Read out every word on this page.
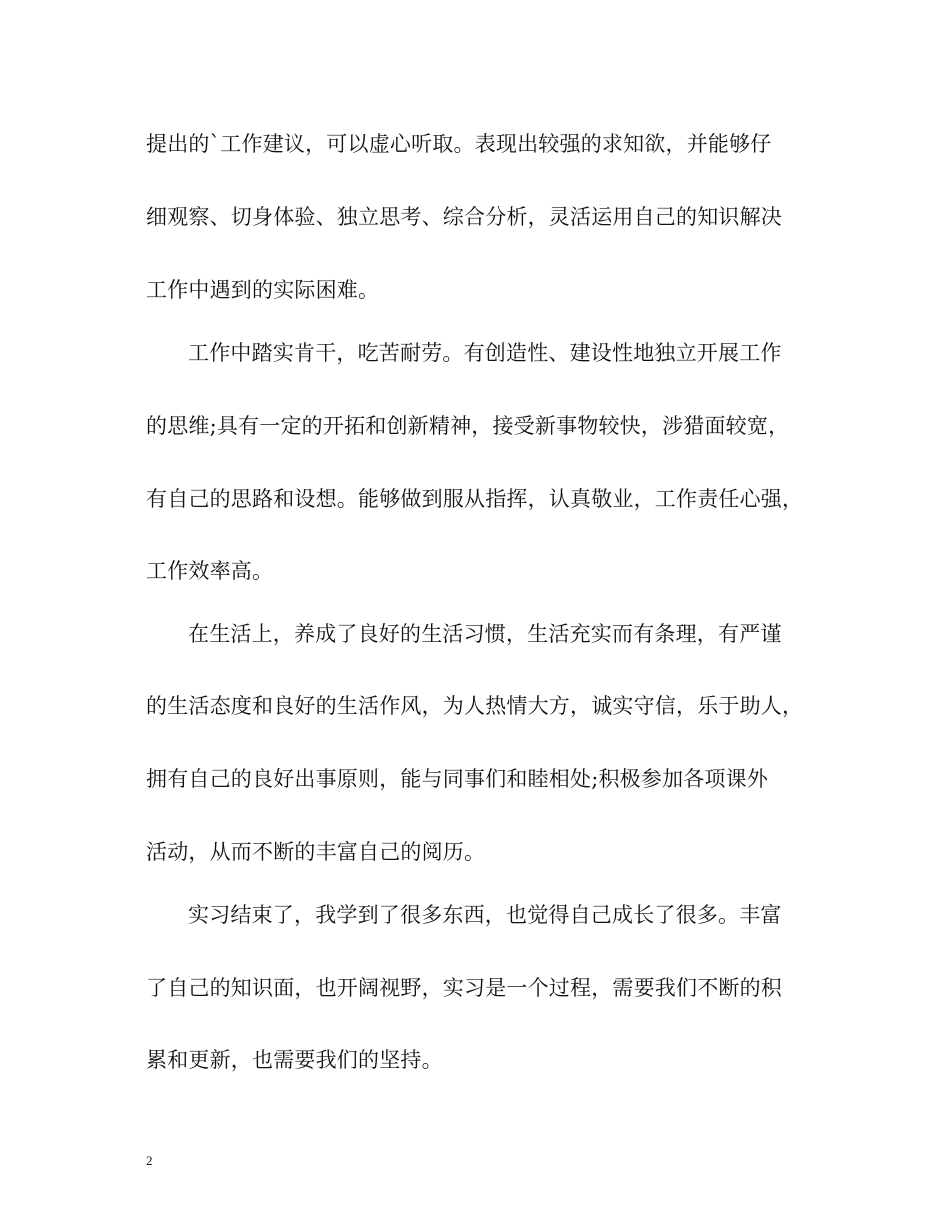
提出的`工作建议，可以虚心听取。表现出较强的求知欲，并能够仔
细观察、切身体验、独立思考、综合分析，灵活运用自己的知识解决
工作中遇到的实际困难。
工作中踏实肯干，吃苦耐劳。有创造性、建设性地独立开展工作
的思维;具有一定的开拓和创新精神，接受新事物较快，涉猎面较宽，
有自己的思路和设想。能够做到服从指挥，认真敬业，工作责任心强，
工作效率高。
在生活上，养成了良好的生活习惯，生活充实而有条理，有严谨
的生活态度和良好的生活作风，为人热情大方，诚实守信，乐于助人，
拥有自己的良好出事原则，能与同事们和睦相处;积极参加各项课外
活动，从而不断的丰富自己的阅历。
实习结束了，我学到了很多东西，也觉得自己成长了很多。丰富
了自己的知识面，也开阔视野，实习是一个过程，需要我们不断的积
累和更新，也需要我们的坚持。
2
